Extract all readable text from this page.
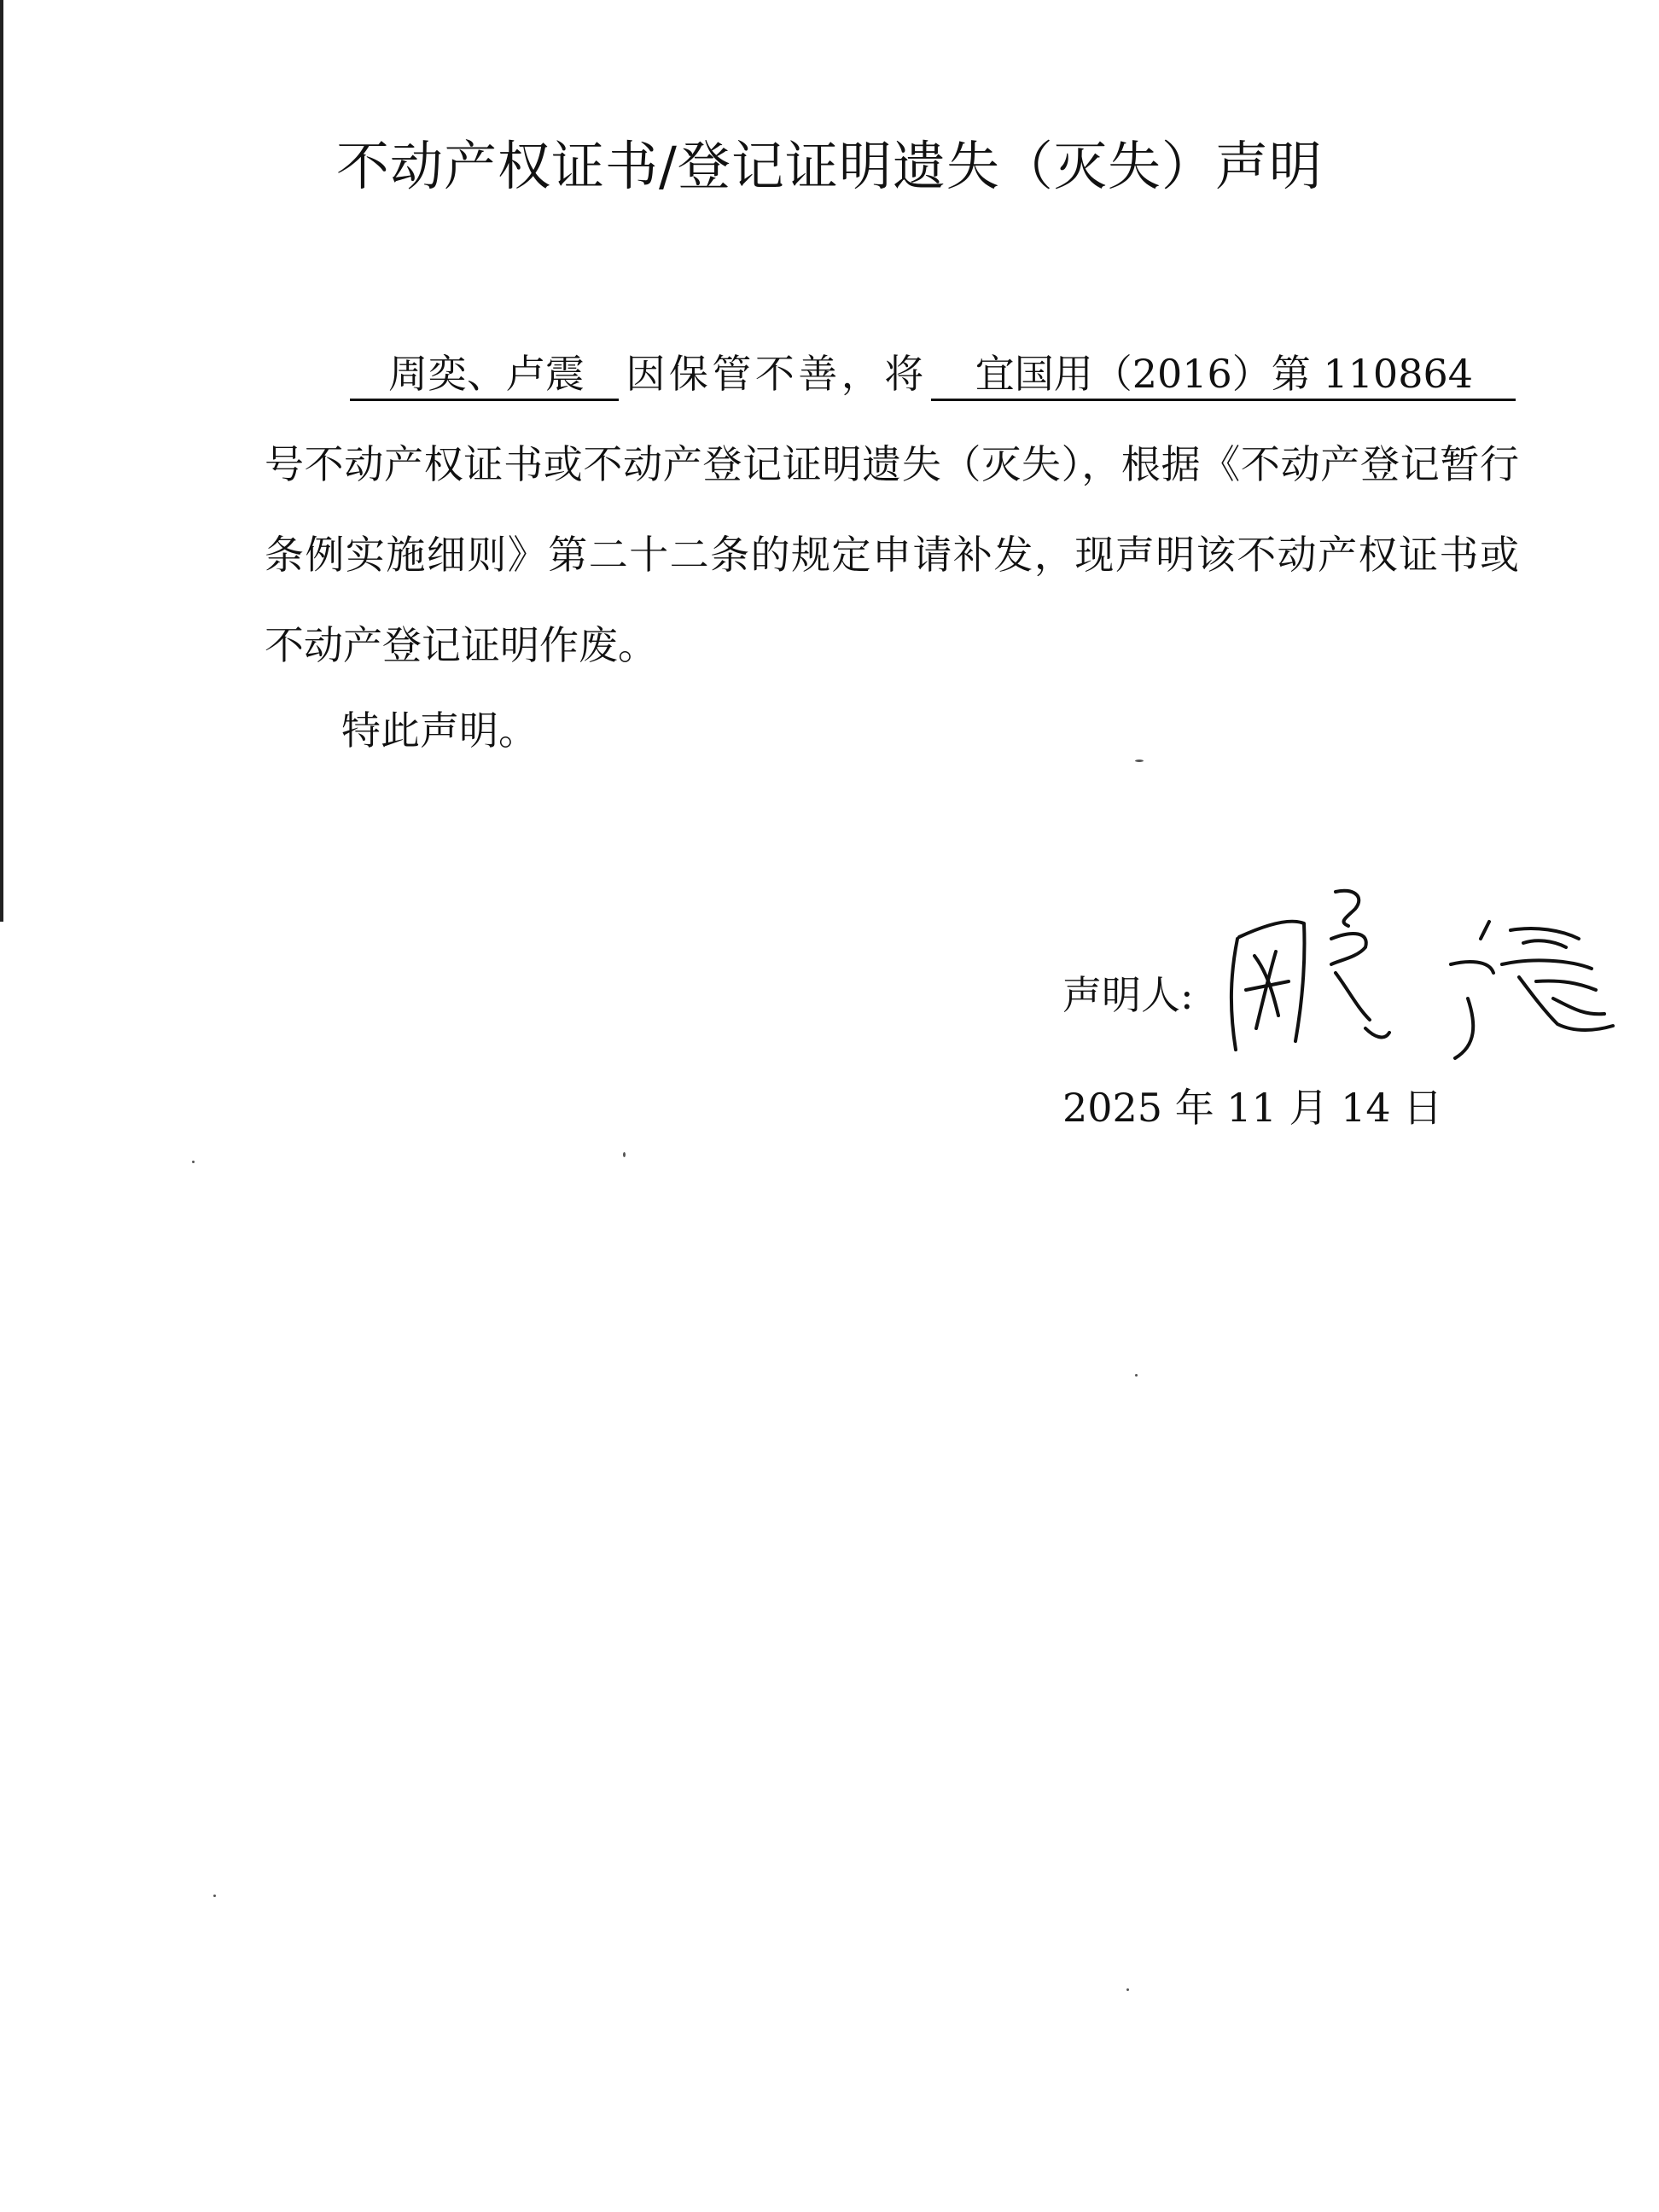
不动产权证书/登记证明遗失（灭失）声明
周奕、卢震 因保管不善，将 宜国用（2016）第 110864号不动产权证书或不动产登记证明遗失（灭失），根据《不动产登记暂行条例实施细则》第二十二条的规定申请补发，现声明该不动产权证书或不动产登记证明作废。
特此声明。
声明人:
2025 年 11 月 14 日
